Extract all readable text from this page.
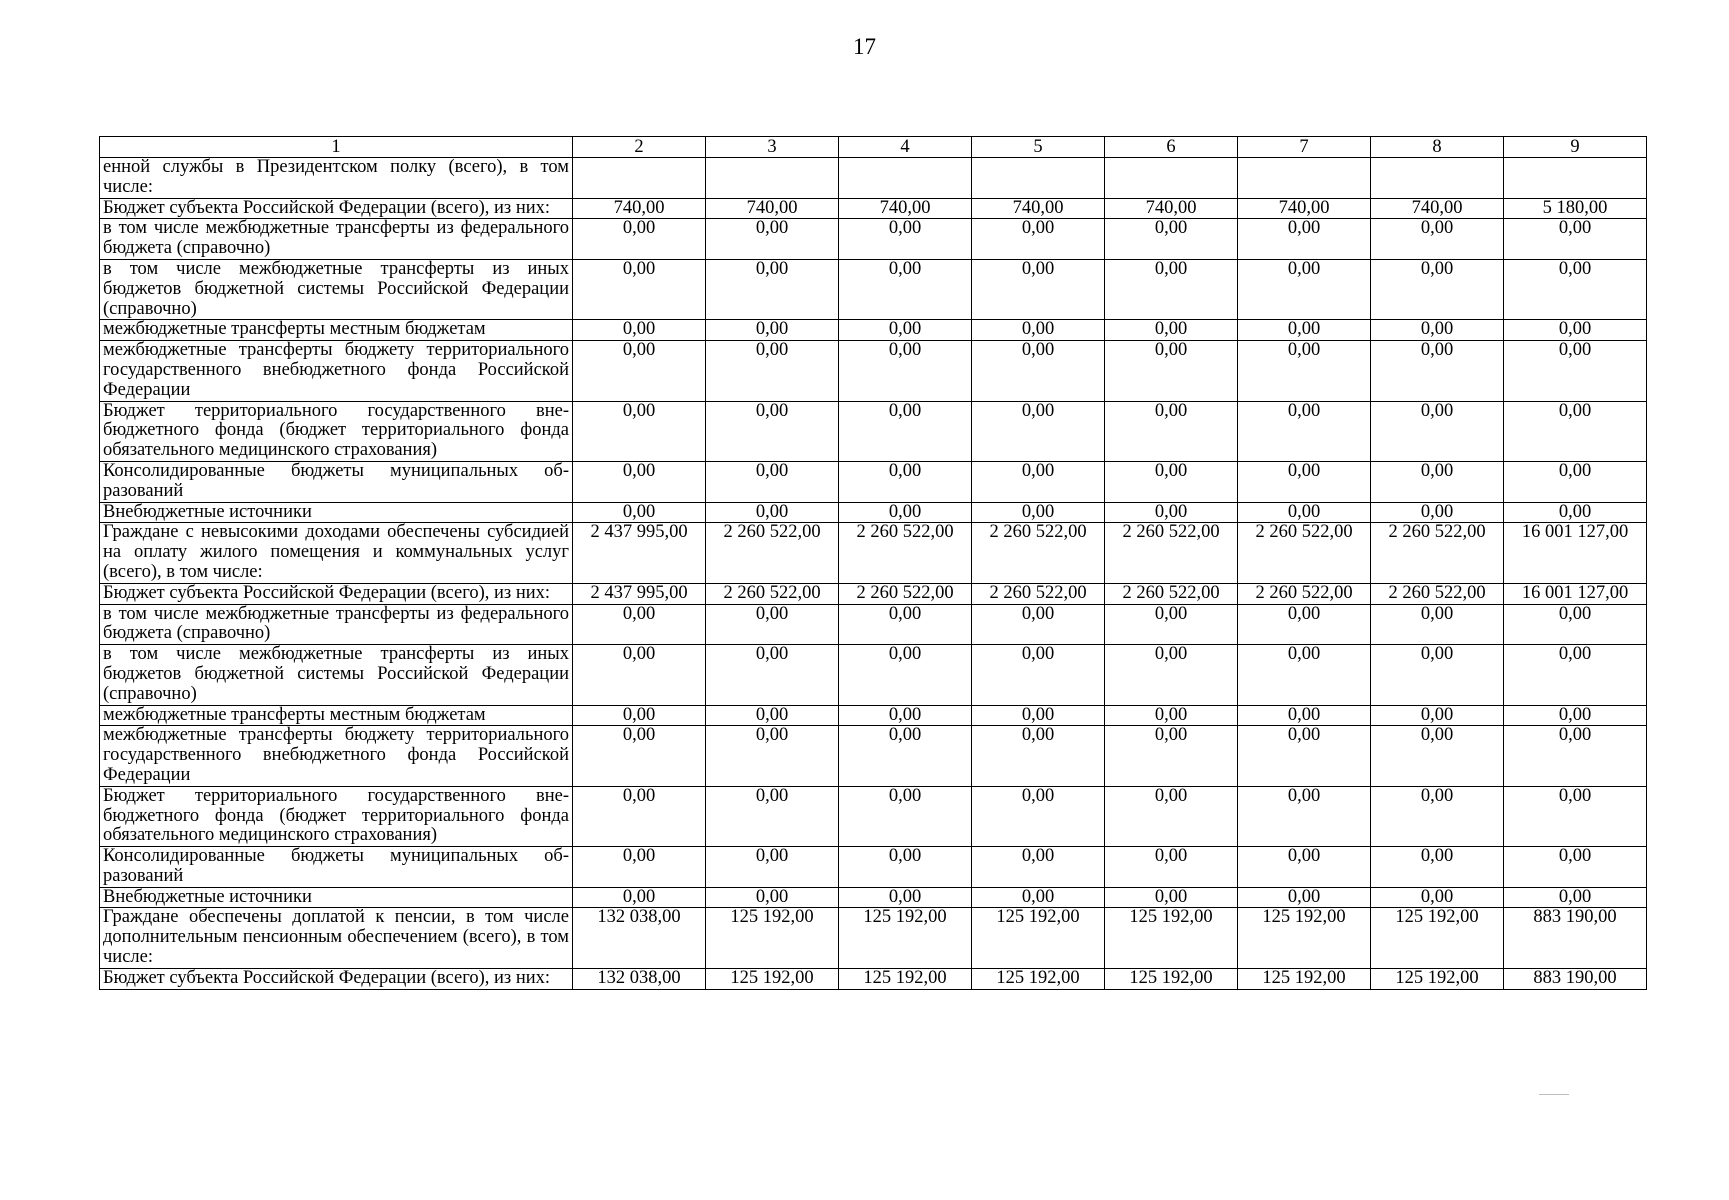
17
1	2	3	4	5	6	7	8	9
енной службы в Президентском полку (всего), в том числе:								
Бюджет субъекта Российской Федерации (всего), из них:	740,00	740,00	740,00	740,00	740,00	740,00	740,00	5 180,00
в том числе межбюджетные трансферты из федерального бюджета (справочно)	0,00	0,00	0,00	0,00	0,00	0,00	0,00	0,00
в том числе межбюджетные трансферты из иных бюджетов бюджетной системы Российской Федерации (справочно)	0,00	0,00	0,00	0,00	0,00	0,00	0,00	0,00
межбюджетные трансферты местным бюджетам	0,00	0,00	0,00	0,00	0,00	0,00	0,00	0,00
межбюджетные трансферты бюджету территориального государственного внебюджетного фонда Российской Федерации	0,00	0,00	0,00	0,00	0,00	0,00	0,00	0,00
Бюджет территориального государственного внебюджетного фонда (бюджет территориального фонда обязательного медицинского страхования)	0,00	0,00	0,00	0,00	0,00	0,00	0,00	0,00
Консолидированные бюджеты муниципальных образований	0,00	0,00	0,00	0,00	0,00	0,00	0,00	0,00
Внебюджетные источники	0,00	0,00	0,00	0,00	0,00	0,00	0,00	0,00
Граждане с невысокими доходами обеспечены субсидией на оплату жилого помещения и коммунальных услуг (всего), в том числе:	2 437 995,00	2 260 522,00	2 260 522,00	2 260 522,00	2 260 522,00	2 260 522,00	2 260 522,00	16 001 127,00
Бюджет субъекта Российской Федерации (всего), из них:	2 437 995,00	2 260 522,00	2 260 522,00	2 260 522,00	2 260 522,00	2 260 522,00	2 260 522,00	16 001 127,00
в том числе межбюджетные трансферты из федерального бюджета (справочно)	0,00	0,00	0,00	0,00	0,00	0,00	0,00	0,00
в том числе межбюджетные трансферты из иных бюджетов бюджетной системы Российской Федерации (справочно)	0,00	0,00	0,00	0,00	0,00	0,00	0,00	0,00
межбюджетные трансферты местным бюджетам	0,00	0,00	0,00	0,00	0,00	0,00	0,00	0,00
межбюджетные трансферты бюджету территориального государственного внебюджетного фонда Российской Федерации	0,00	0,00	0,00	0,00	0,00	0,00	0,00	0,00
Бюджет территориального государственного внебюджетного фонда (бюджет территориального фонда обязательного медицинского страхования)	0,00	0,00	0,00	0,00	0,00	0,00	0,00	0,00
Консолидированные бюджеты муниципальных образований	0,00	0,00	0,00	0,00	0,00	0,00	0,00	0,00
Внебюджетные источники	0,00	0,00	0,00	0,00	0,00	0,00	0,00	0,00
Граждане обеспечены доплатой к пенсии, в том числе дополнительным пенсионным обеспечением (всего), в том числе:	132 038,00	125 192,00	125 192,00	125 192,00	125 192,00	125 192,00	125 192,00	883 190,00
Бюджет субъекта Российской Федерации (всего), из них:	132 038,00	125 192,00	125 192,00	125 192,00	125 192,00	125 192,00	125 192,00	883 190,00
